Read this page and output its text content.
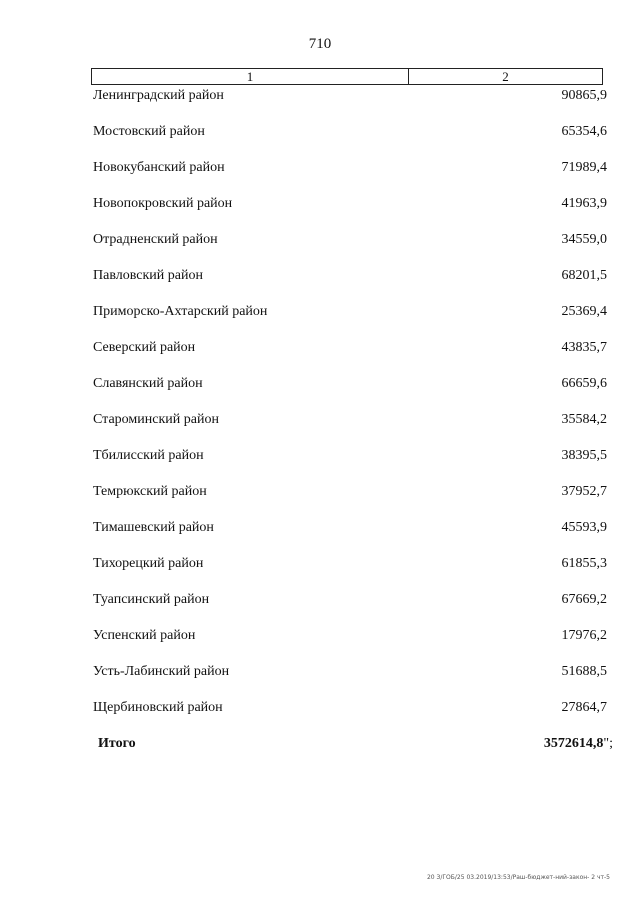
710
1	2
Ленинградский район	90865,9
Мостовский район	65354,6
Новокубанский район	71989,4
Новопокровский район	41963,9
Отрадненский район	34559,0
Павловский район	68201,5
Приморско-Ахтарский район	25369,4
Северский район	43835,7
Славянский район	66659,6
Староминский район	35584,2
Тбилисский район	38395,5
Темрюкский район	37952,7
Тимашевский район	45593,9
Тихорецкий район	61855,3
Туапсинский район	67669,2
Успенский район	17976,2
Усть-Лабинский район	51688,5
Щербиновский район	27864,7
Итого	3572614,8";
20 З/ГОБ/25 03.2019/13:53/Раш-бюджет-ний-закон- 2 чт-5
